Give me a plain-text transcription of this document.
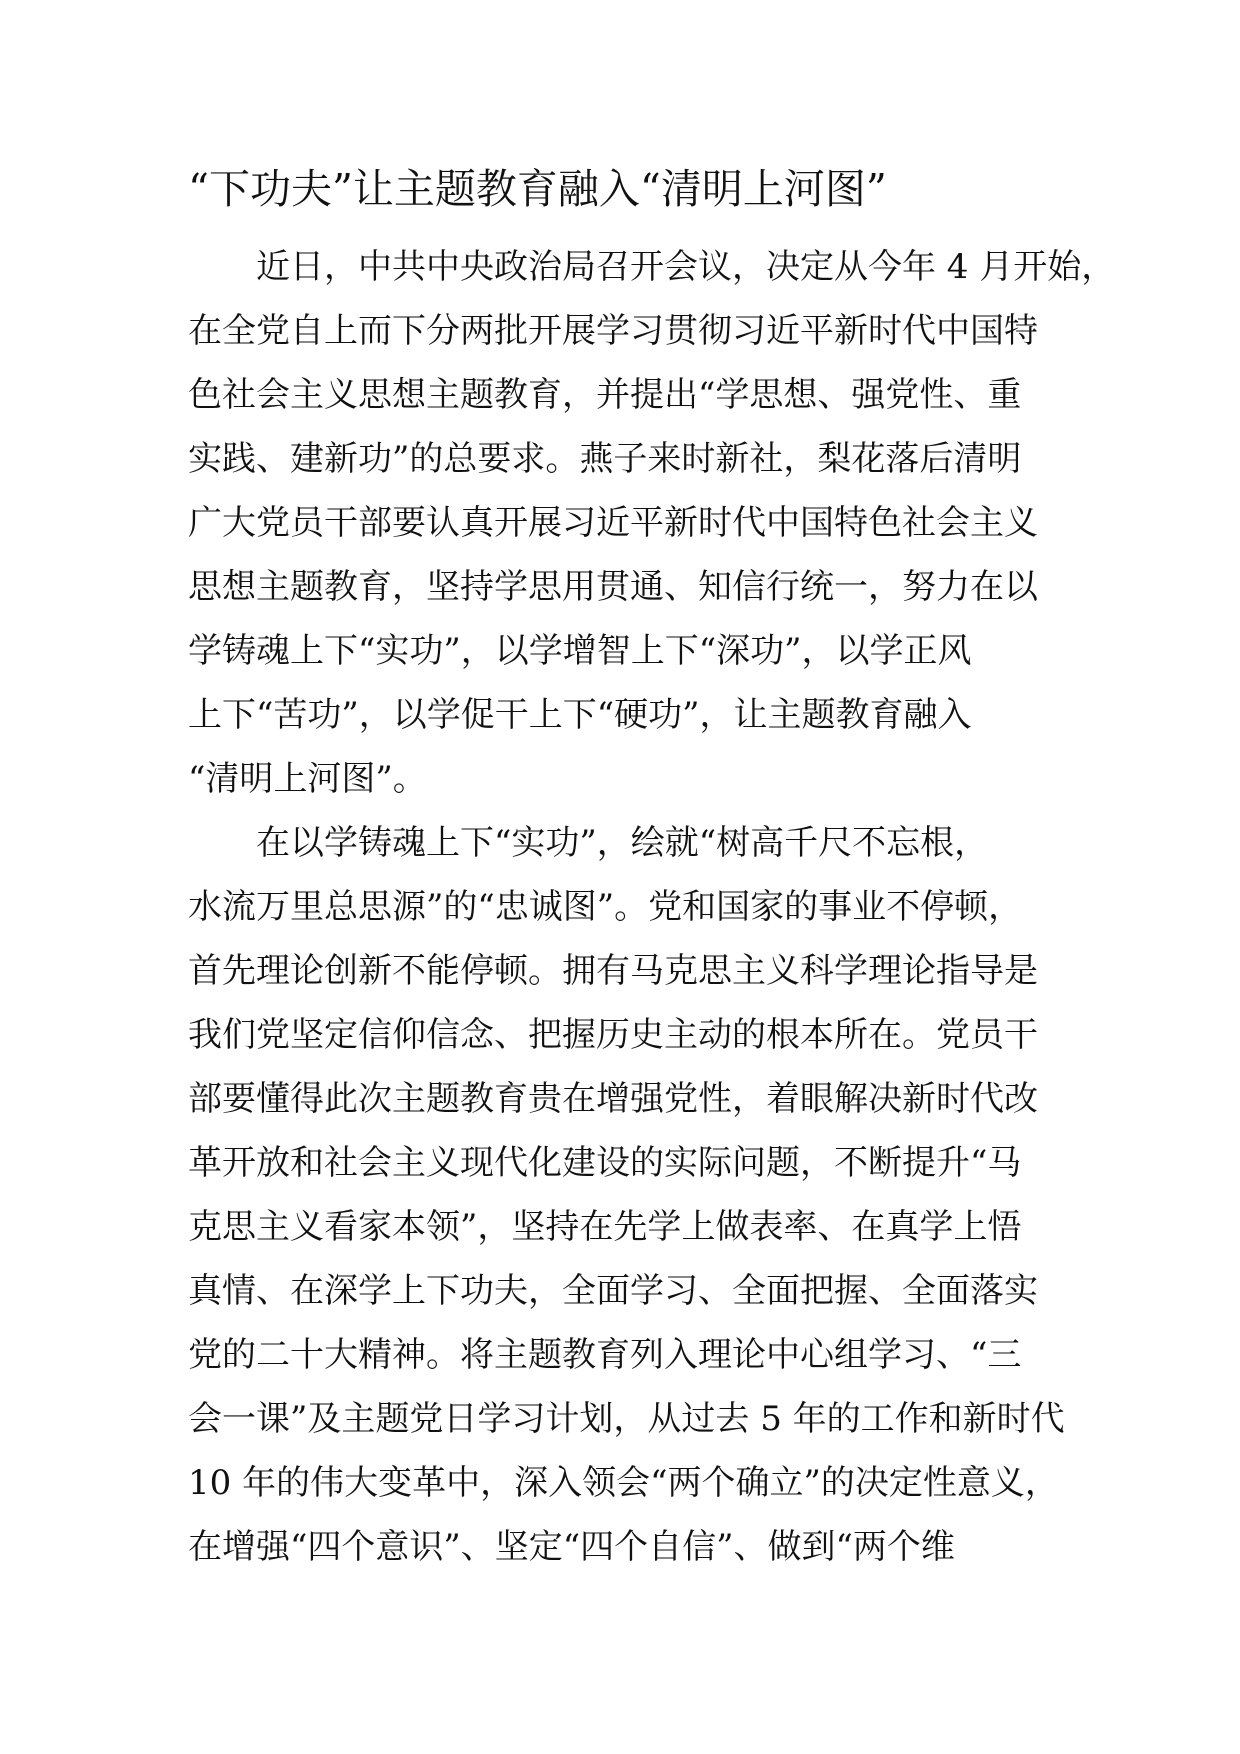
“下功夫”让主题教育融入“清明上河图”
近日，中共中央政治局召开会议，决定从今年 4 月开始，
在全党自上而下分两批开展学习贯彻习近平新时代中国特
色社会主义思想主题教育，并提出“学思想、强党性、重
实践、建新功”的总要求。燕子来时新社，梨花落后清明
广大党员干部要认真开展习近平新时代中国特色社会主义
思想主题教育，坚持学思用贯通、知信行统一，努力在以
学铸魂上下“实功”，以学增智上下“深功”，以学正风
上下“苦功”，以学促干上下“硬功”，让主题教育融入
“清明上河图”。
在以学铸魂上下“实功”，绘就“树高千尺不忘根，
水流万里总思源”的“忠诚图”。党和国家的事业不停顿，
首先理论创新不能停顿。拥有马克思主义科学理论指导是
我们党坚定信仰信念、把握历史主动的根本所在。党员干
部要懂得此次主题教育贵在增强党性，着眼解决新时代改
革开放和社会主义现代化建设的实际问题，不断提升“马
克思主义看家本领”，坚持在先学上做表率、在真学上悟
真情、在深学上下功夫，全面学习、全面把握、全面落实
党的二十大精神。将主题教育列入理论中心组学习、“三
会一课”及主题党日学习计划，从过去 5 年的工作和新时代
10 年的伟大变革中，深入领会“两个确立”的决定性意义，
在增强“四个意识”、坚定“四个自信”、做到“两个维
